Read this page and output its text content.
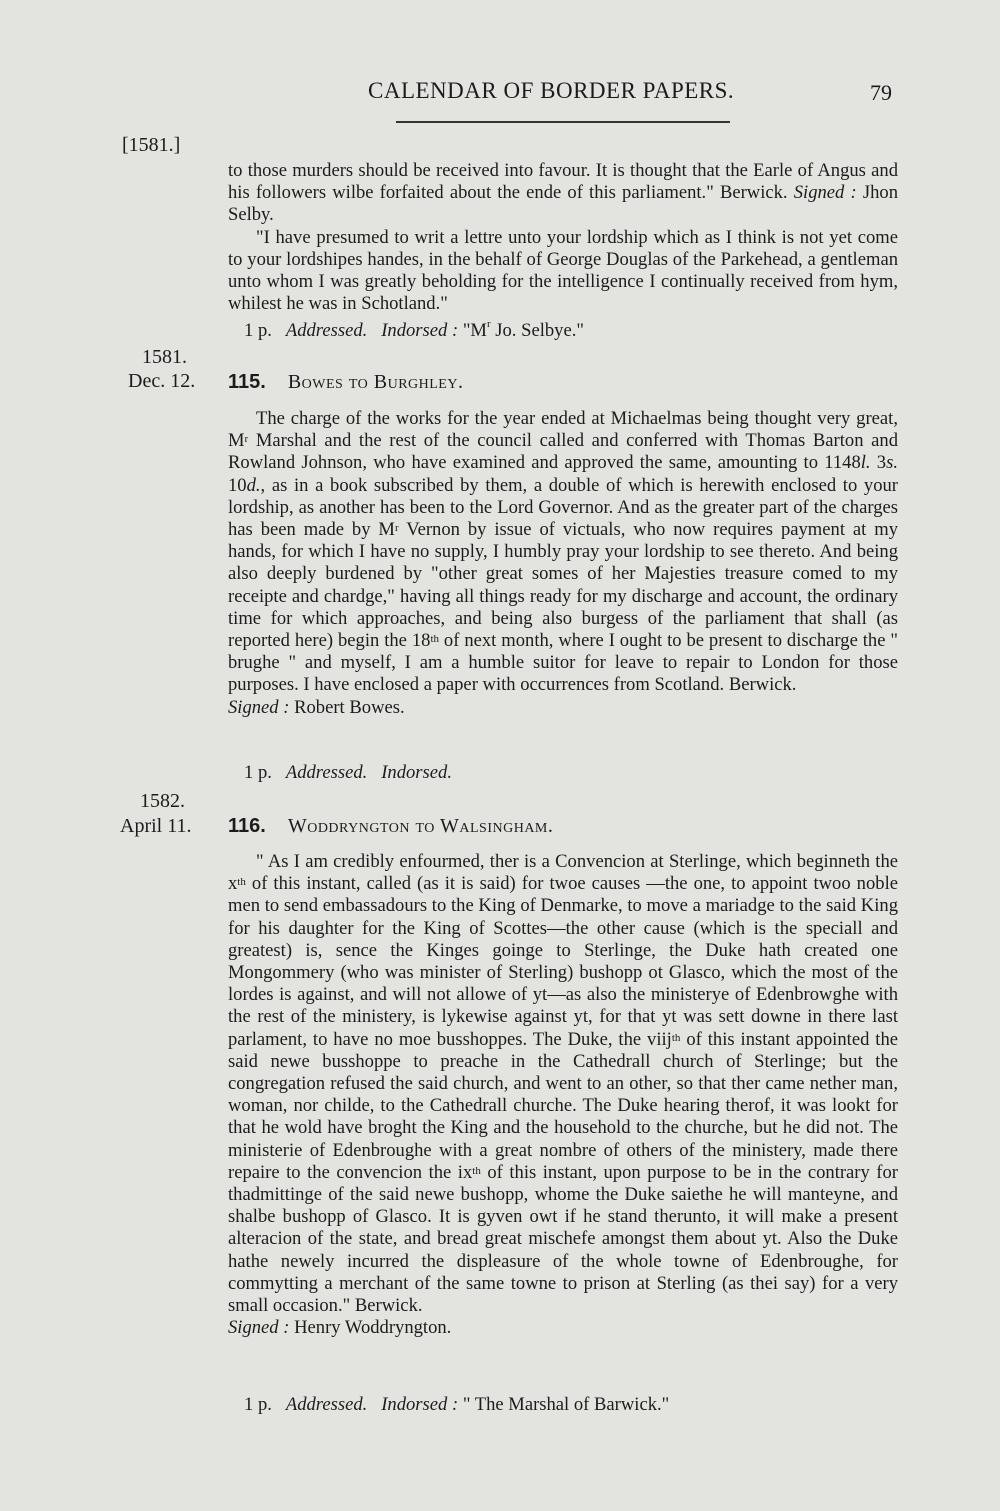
CALENDAR OF BORDER PAPERS.	79
[1581.]

to those murders should be received into favour. It is thought that the Earle of Angus and his followers wilbe forfaited about the ende of this parliament." Berwick. Signed : Jhon Selby.

"I have presumed to writ a lettre unto your lordship which as I think is not yet come to your lordshipes handes, in the behalf of George Douglas of the Parkehead, a gentleman unto whom I was greatly beholding for the intelligence I continually received from hym, whilest he was in Schotland."

1 p. Addressed. Indorsed : "$M^r$ Jo. Selbye."
1581.
Dec. 12. 115. Bowes to Burghley.

The charge of the works for the year ended at Michaelmas being thought very great, $M^r$ Marshal and the rest of the council called and conferred with Thomas Barton and Rowland Johnson, who have examined and approved the same, amounting to 1148l. 3s. 10d., as in a book subscribed by them, a double of which is herewith enclosed to your lordship, as another has been to the Lord Governor. And as the greater part of the charges has been made by $M^r$ Vernon by issue of victuals, who now requires payment at my hands, for which I have no supply, I humbly pray your lordship to see thereto. And being also deeply burdened by "other great somes of her Majesties treasure comed to my receipte and chardge," having all things ready for my discharge and account, the ordinary time for which approaches, and being also burgess of the parliament that shall (as reported here) begin the 18th of next month, where I ought to be present to discharge the " brughe " and myself, I am a humble suitor for leave to repair to London for those purposes. I have enclosed a paper with occurrences from Scotland. Berwick.
Signed : Robert Bowes.

1 p. Addressed. Indorsed.
1582.
April 11. 116. Woddryngton to Walsingham.

" As I am credibly enfourmed, ther is a Convencion at Sterlinge, which beginneth the $x^{th}$ of this instant, called (as it is said) for twoe causes —the one, to appoint twoo noble men to send embassadours to the King of Denmarke, to move a mariadge to the said King for his daughter for the King of Scottes—the other cause (which is the speciall and greatest) is, sence the Kinges goinge to Sterlinge, the Duke hath created one Mongommery (who was minister of Sterling) bushopp ot Glasco, which the most of the lordes is against, and will not allowe of yt—as also the ministerye of Edenbrowghe with the rest of the ministery, is lykewise against yt, for that yt was sett downe in there last parlament, to have no moe busshoppes. The Duke, the viij$^{th}$ of this instant appointed the said newe busshoppe to preache in the Cathedrall church of Sterlinge; but the congregation refused the said church, and went to an other, so that ther came nether man, woman, nor childe, to the Cathedrall churche. The Duke hearing therof, it was lookt for that he wold have broght the King and the household to the churche, but he did not. The ministerie of Edenbroughe with a great nombre of others of the ministery, made there repaire to the convencion the $ix^{th}$ of this instant, upon purpose to be in the contrary for thadmittinge of the said newe bushopp, whome the Duke saiethe he will manteyne, and shalbe bushopp of Glasco. It is gyven owt if he stand therunto, it will make a present alteracion of the state, and bread great mischefe amongst them about yt. Also the Duke hathe newely incurred the displeasure of the whole towne of Edenbroughe, for commytting a merchant of the same towne to prison at Sterling (as thei say) for a very small occasion." Berwick.
Signed : Henry Woddryngton.

1 p. Addressed. Indorsed : " The Marshal of Barwick."
